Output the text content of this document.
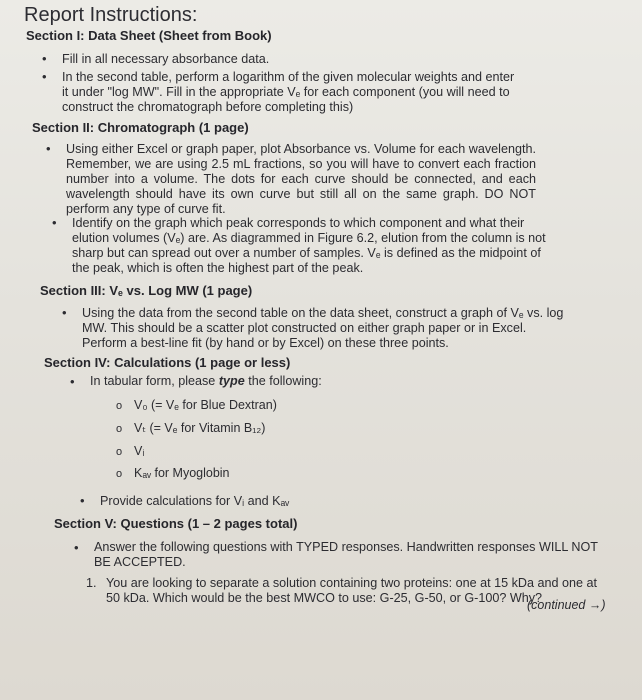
Report Instructions:
Section I: Data Sheet (Sheet from Book)
• Fill in all necessary absorbance data.
• In the second table, perform a logarithm of the given molecular weights and enter it under "log MW". Fill in the appropriate Vₑ for each component (you will need to construct the chromatograph before completing this)
Section II: Chromatograph (1 page)
• Using either Excel or graph paper, plot Absorbance vs. Volume for each wavelength. Remember, we are using 2.5 mL fractions, so you will have to convert each fraction number into a volume. The dots for each curve should be connected, and each wavelength should have its own curve but still all on the same graph. DO NOT perform any type of curve fit.
• Identify on the graph which peak corresponds to which component and what their elution volumes (Vₑ) are. As diagrammed in Figure 6.2, elution from the column is not sharp but can spread out over a number of samples. Vₑ is defined as the midpoint of the peak, which is often the highest part of the peak.
Section III: Vₑ vs. Log MW (1 page)
• Using the data from the second table on the data sheet, construct a graph of Vₑ vs. log MW. This should be a scatter plot constructed on either graph paper or in Excel. Perform a best-line fit (by hand or by Excel) on these three points.
Section IV: Calculations (1 page or less)
• In tabular form, please type the following:
o V₀ (= Vₑ for Blue Dextran)
o Vₜ (= Vₑ for Vitamin B₁₂)
o Vᵢ
o Kₐᵥ for Myoglobin
• Provide calculations for Vᵢ and Kₐᵥ
Section V: Questions (1 – 2 pages total)
• Answer the following questions with TYPED responses. Handwritten responses WILL NOT BE ACCEPTED.
1. You are looking to separate a solution containing two proteins: one at 15 kDa and one at 50 kDa. Which would be the best MWCO to use: G-25, G-50, or G-100? Why?
(continued →)
